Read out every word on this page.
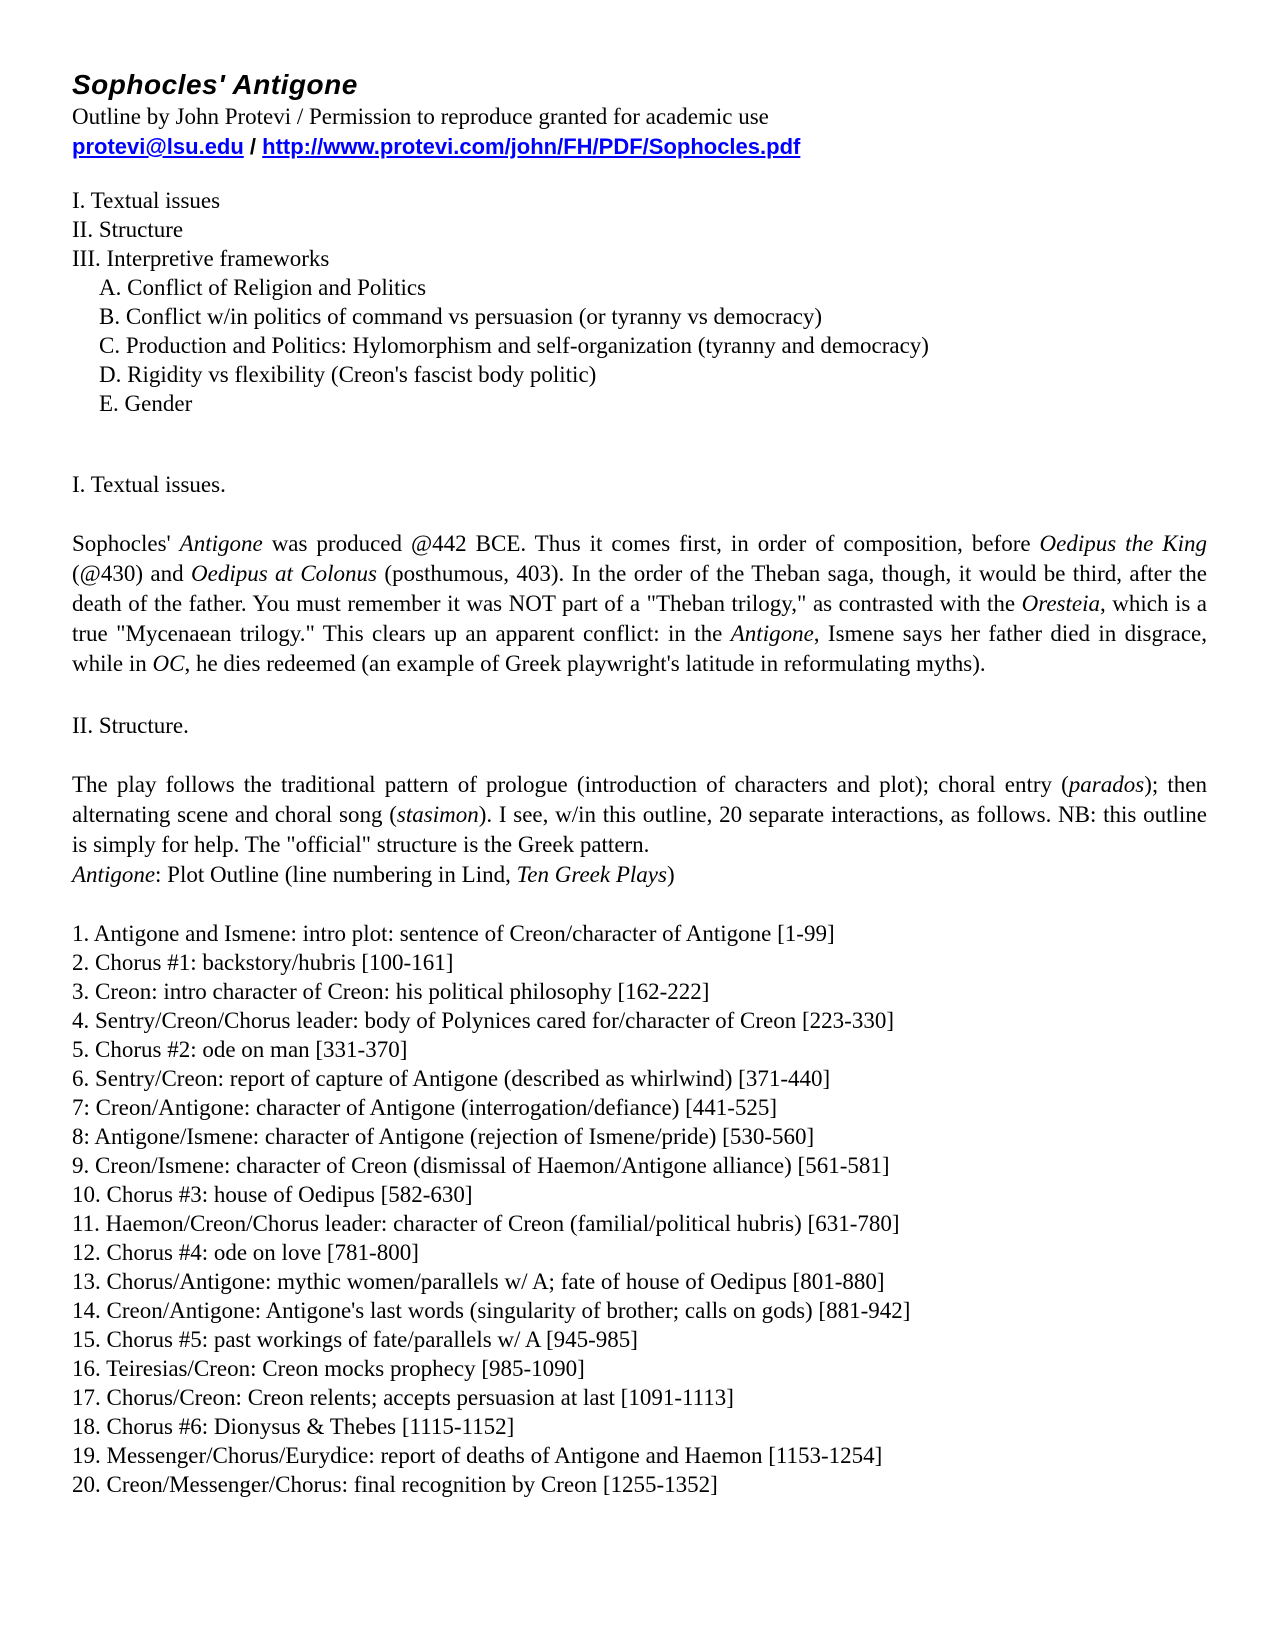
Sophocles' Antigone

Outline by John Protevi / Permission to reproduce granted for academic use

protevi@lsu.edu / http://www.protevi.com/john/FH/PDF/Sophocles.pdf

I. Textual issues
II. Structure
III. Interpretive frameworks
A. Conflict of Religion and Politics
B. Conflict w/in politics of command vs persuasion (or tyranny vs democracy)
C. Production and Politics: Hylomorphism and self-organization (tyranny and democracy)
D. Rigidity vs flexibility (Creon's fascist body politic)
E. Gender

I. Textual issues.

Sophocles' Antigone was produced @442 BCE. Thus it comes first, in order of composition, before Oedipus the King (@430) and Oedipus at Colonus (posthumous, 403). In the order of the Theban saga, though, it would be third, after the death of the father. You must remember it was NOT part of a "Theban trilogy," as contrasted with the Oresteia, which is a true "Mycenaean trilogy." This clears up an apparent conflict: in the Antigone, Ismene says her father died in disgrace, while in OC, he dies redeemed (an example of Greek playwright's latitude in reformulating myths).

II. Structure.

The play follows the traditional pattern of prologue (introduction of characters and plot); choral entry (parados); then alternating scene and choral song (stasimon). I see, w/in this outline, 20 separate interactions, as follows. NB: this outline is simply for help. The "official" structure is the Greek pattern.

Antigone: Plot Outline (line numbering in Lind, Ten Greek Plays)

1. Antigone and Ismene: intro plot: sentence of Creon/character of Antigone [1-99]
2. Chorus #1: backstory/hubris [100-161]
3. Creon: intro character of Creon: his political philosophy [162-222]
4. Sentry/Creon/Chorus leader: body of Polynices cared for/character of Creon [223-330]
5. Chorus #2: ode on man [331-370]
6. Sentry/Creon: report of capture of Antigone (described as whirlwind) [371-440]
7: Creon/Antigone: character of Antigone (interrogation/defiance) [441-525]
8: Antigone/Ismene: character of Antigone (rejection of Ismene/pride) [530-560]
9. Creon/Ismene: character of Creon (dismissal of Haemon/Antigone alliance) [561-581]
10. Chorus #3: house of Oedipus [582-630]
11. Haemon/Creon/Chorus leader: character of Creon (familial/political hubris) [631-780]
12. Chorus #4: ode on love [781-800]
13. Chorus/Antigone: mythic women/parallels w/ A; fate of house of Oedipus [801-880]
14. Creon/Antigone: Antigone's last words (singularity of brother; calls on gods) [881-942]
15. Chorus #5: past workings of fate/parallels w/ A [945-985]
16. Teiresias/Creon: Creon mocks prophecy [985-1090]
17. Chorus/Creon: Creon relents; accepts persuasion at last [1091-1113]
18. Chorus #6: Dionysus & Thebes [1115-1152]
19. Messenger/Chorus/Eurydice: report of deaths of Antigone and Haemon [1153-1254]
20. Creon/Messenger/Chorus: final recognition by Creon [1255-1352]
